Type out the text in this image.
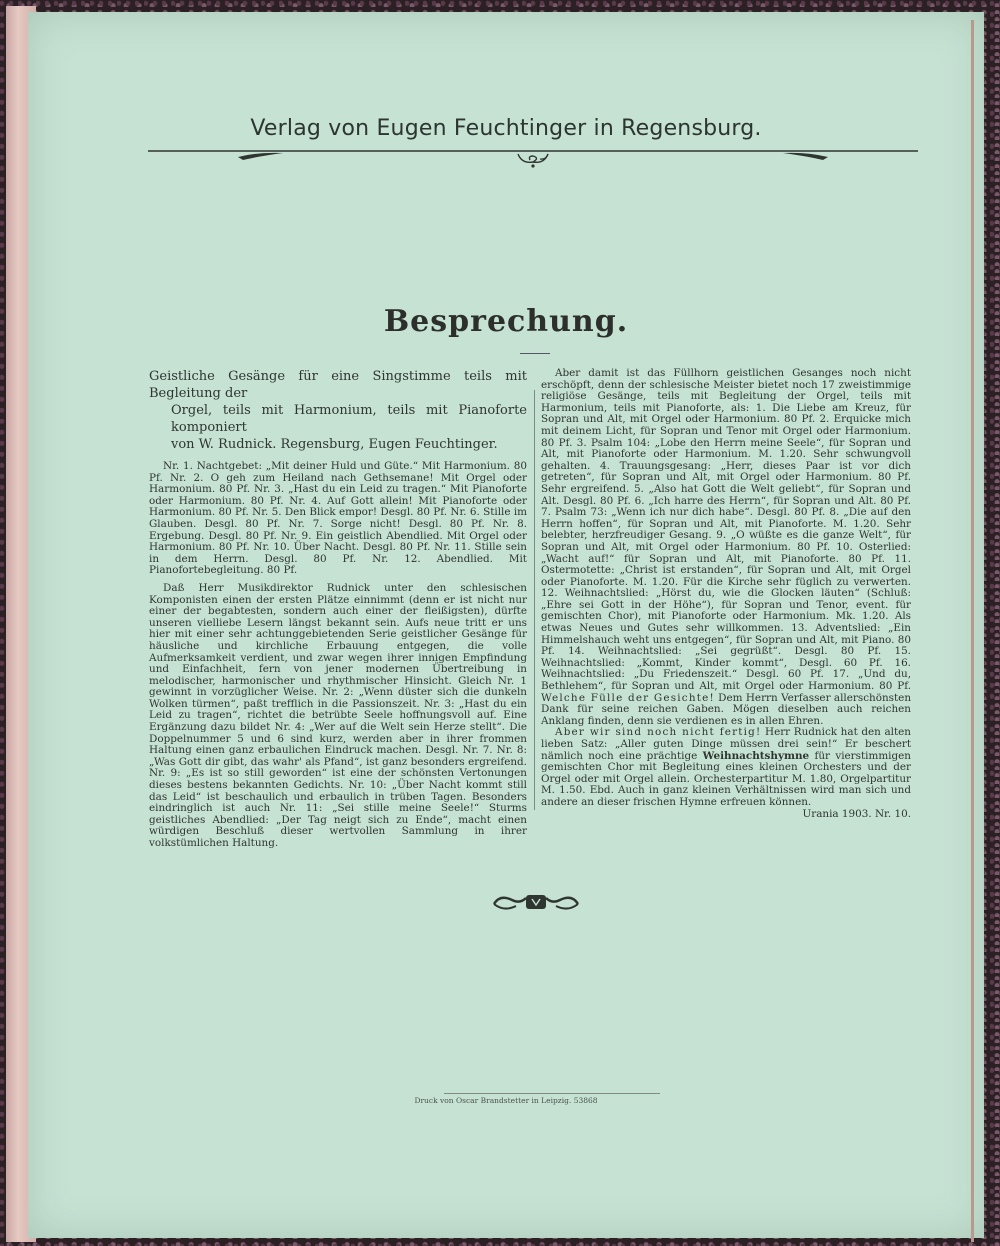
Verlag von Eugen Feuchtinger in Regensburg.
Besprechung.
Geistliche Gesänge für eine Singstimme teils mit Begleitung der
Orgel, teils mit Harmonium, teils mit Pianoforte komponiert
von W. Rudnick. Regensburg, Eugen Feuchtinger.

Nr. 1. Nachtgebet: „Mit deiner Huld und Güte.“ Mit Harmonium. 80 Pf. Nr. 2. O geh zum Heiland nach Gethsemane! Mit Orgel oder Harmonium. 80 Pf. Nr. 3. „Hast du ein Leid zu tragen.“ Mit Pianoforte oder Harmonium. 80 Pf. Nr. 4. Auf Gott allein! Mit Pianoforte oder Harmonium. 80 Pf. Nr. 5. Den Blick empor! Desgl. 80 Pf. Nr. 6. Stille im Glauben. Desgl. 80 Pf. Nr. 7. Sorge nicht! Desgl. 80 Pf. Nr. 8. Ergebung. Desgl. 80 Pf. Nr. 9. Ein geistlich Abendlied. Mit Orgel oder Harmonium. 80 Pf. Nr. 10. Über Nacht. Desgl. 80 Pf. Nr. 11. Stille sein in dem Herrn. Desgl. 80 Pf. Nr. 12. Abendlied. Mit Pianofortebegleitung. 80 Pf.

Daß Herr Musikdirektor Rudnick unter den schlesischen Komponisten einen der ersten Plätze einnimmt (denn er ist nicht nur einer der begabtesten, sondern auch einer der fleißigsten), dürfte unseren vielliebe Lesern längst bekannt sein. Aufs neue tritt er uns hier mit einer sehr achtunggebietenden Serie geistlicher Gesänge für häusliche und kirchliche Erbauung entgegen, die volle Aufmerksamkeit verdient, und zwar wegen ihrer innigen Empfindung und Einfachheit, fern von jener modernen Übertreibung in melodischer, harmonischer und rhythmischer Hinsicht. Gleich Nr. 1 gewinnt in vorzüglicher Weise. Nr. 2: „Wenn düster sich die dunkeln Wolken türmen“, paßt trefflich in die Passionszeit. Nr. 3: „Hast du ein Leid zu tragen“, richtet die betrübte Seele hoffnungsvoll auf. Eine Ergänzung dazu bildet Nr. 4: „Wer auf die Welt sein Herze stellt“. Die Doppelnummer 5 und 6 sind kurz, werden aber in ihrer frommen Haltung einen ganz erbaulichen Eindruck machen. Desgl. Nr. 7. Nr. 8: „Was Gott dir gibt, das wahr' als Pfand“, ist ganz besonders ergreifend. Nr. 9: „Es ist so still geworden“ ist eine der schönsten Vertonungen dieses bestens bekannten Gedichts. Nr. 10: „Über Nacht kommt still das Leid“ ist beschaulich und erbaulich in trüben Tagen. Besonders eindringlich ist auch Nr. 11: „Sei stille meine Seele!“ Sturms geistliches Abendlied: „Der Tag neigt sich zu Ende“, macht einen würdigen Beschluß dieser wertvollen Sammlung in ihrer volkstümlichen Haltung.

Aber damit ist das Füllhorn geistlichen Gesanges noch nicht erschöpft, denn der schlesische Meister bietet noch 17 zweistimmige religiöse Gesänge, teils mit Begleitung der Orgel, teils mit Harmonium, teils mit Pianoforte, als: 1. Die Liebe am Kreuz, für Sopran und Alt, mit Orgel oder Harmonium. 80 Pf. 2. Erquicke mich mit deinem Licht, für Sopran und Tenor mit Orgel oder Harmonium. 80 Pf. 3. Psalm 104: „Lobe den Herrn meine Seele“, für Sopran und Alt, mit Pianoforte oder Harmonium. M. 1.20. Sehr schwungvoll gehalten. 4. Trauungsgesang: „Herr, dieses Paar ist vor dich getreten“, für Sopran und Alt, mit Orgel oder Harmonium. 80 Pf. Sehr ergreifend. 5. „Also hat Gott die Welt geliebt“, für Sopran und Alt. Desgl. 80 Pf. 6. „Ich harre des Herrn“, für Sopran und Alt. 80 Pf. 7. Psalm 73: „Wenn ich nur dich habe“. Desgl. 80 Pf. 8. „Die auf den Herrn hoffen“, für Sopran und Alt, mit Pianoforte. M. 1.20. Sehr belebter, herzfreudiger Gesang. 9. „O wüßte es die ganze Welt“, für Sopran und Alt, mit Orgel oder Harmonium. 80 Pf. 10. Osterlied: „Wacht auf!“ für Sopran und Alt, mit Pianoforte. 80 Pf. 11. Ostermotette: „Christ ist erstanden“, für Sopran und Alt, mit Orgel oder Pianoforte. M. 1.20. Für die Kirche sehr füglich zu verwerten. 12. Weihnachtslied: „Hörst du, wie die Glocken läuten“ (Schluß: „Ehre sei Gott in der Höhe“), für Sopran und Tenor, event. für gemischten Chor), mit Pianoforte oder Harmonium. Mk. 1.20. Als etwas Neues und Gutes sehr willkommen. 13. Adventslied: „Ein Himmelshauch weht uns entgegen“, für Sopran und Alt, mit Piano. 80 Pf. 14. Weihnachtslied: „Sei gegrüßt“. Desgl. 80 Pf. 15. Weihnachtslied: „Kommt, Kinder kommt“, Desgl. 60 Pf. 16. Weihnachtslied: „Du Friedenszeit.“ Desgl. 60 Pf. 17. „Und du, Bethlehem“, für Sopran und Alt, mit Orgel oder Harmonium. 80 Pf. Welche Fülle der Gesichte! Dem Herrn Verfasser allerschönsten Dank für seine reichen Gaben. Mögen dieselben auch reichen Anklang finden, denn sie verdienen es in allen Ehren.

Aber wir sind noch nicht fertig! Herr Rudnick hat den alten lieben Satz: „Aller guten Dinge müssen drei sein!“ Er beschert nämlich noch eine prächtige Weihnachtshymne für vierstimmigen gemischten Chor mit Begleitung eines kleinen Orchesters und der Orgel oder mit Orgel allein. Orchesterpartitur M. 1.80, Orgelpartitur M. 1.50. Ebd. Auch in ganz kleinen Verhältnissen wird man sich und andere an dieser frischen Hymne erfreuen können.

Urania 1903. Nr. 10.
Druck von Oscar Brandstetter in Leipzig. 53868
